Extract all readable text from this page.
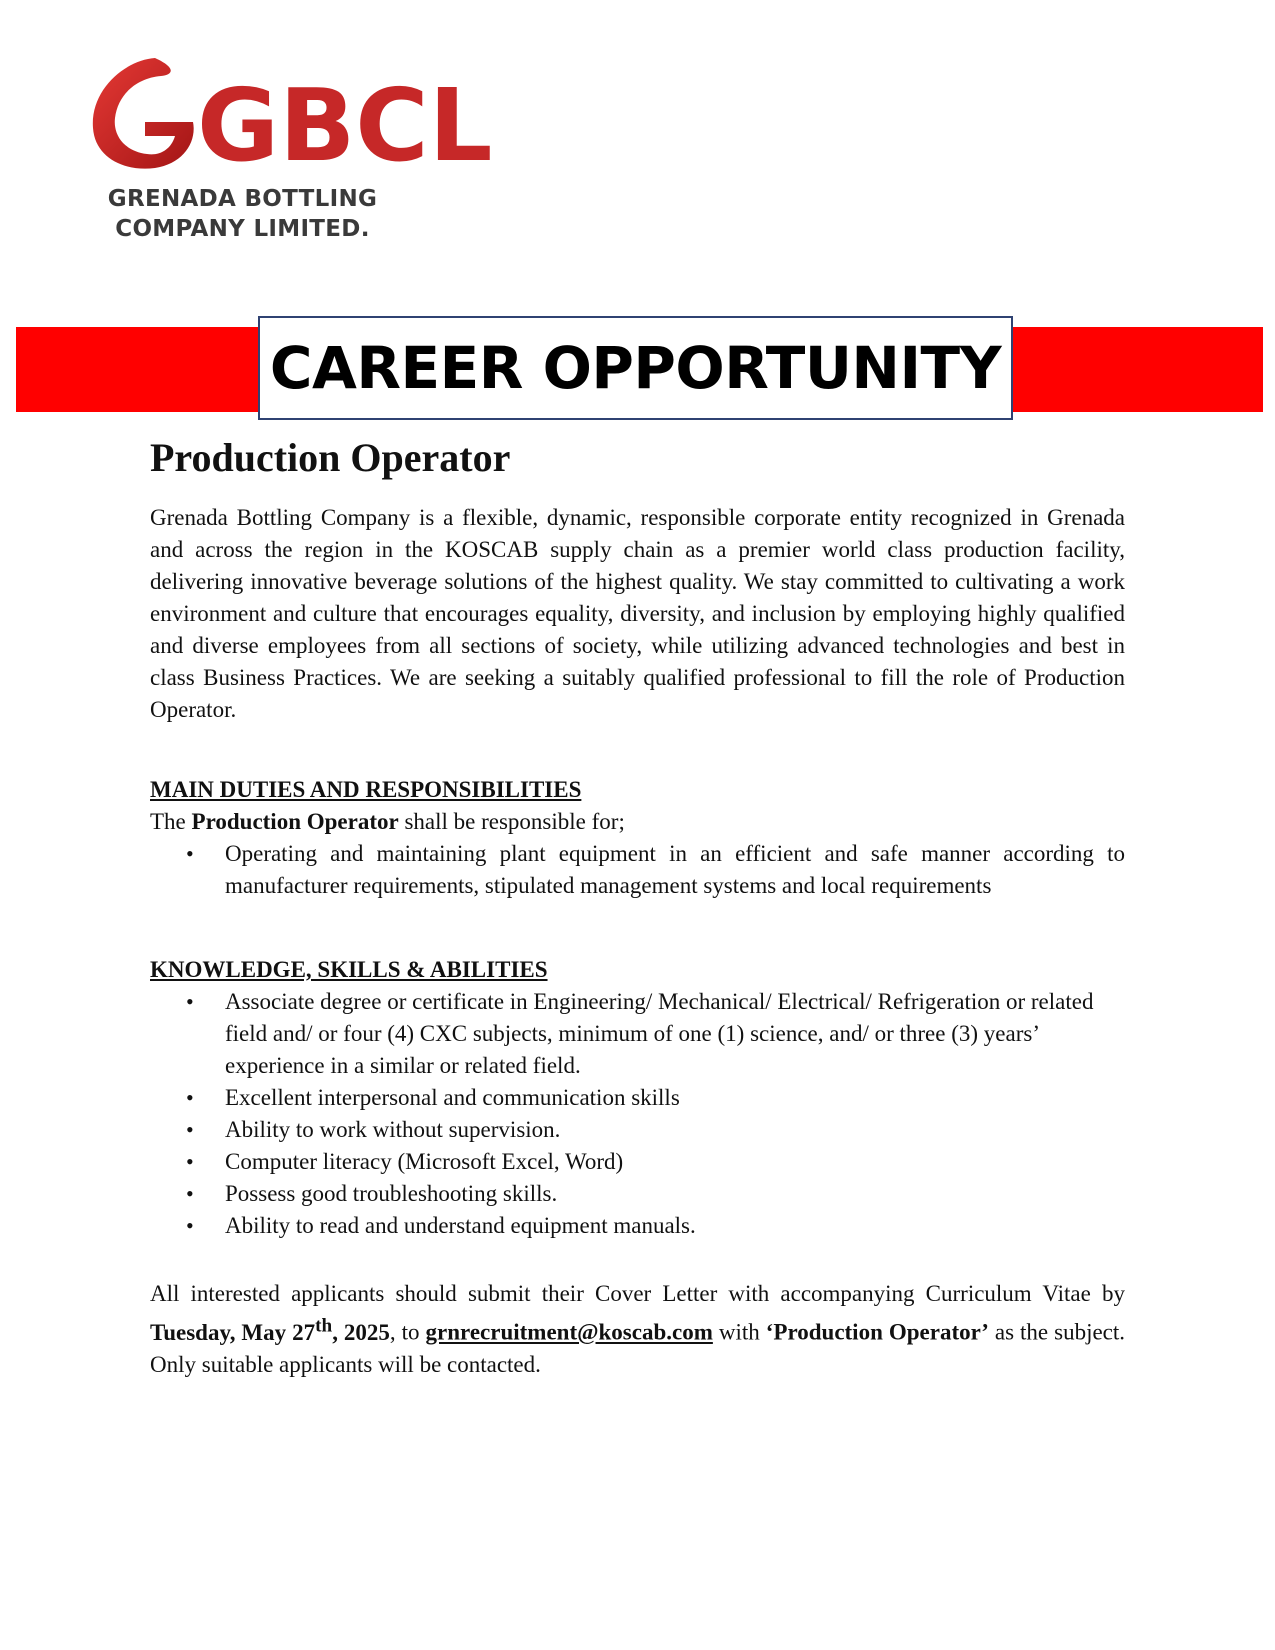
GBCL
GRENADA BOTTLING
COMPANY LIMITED.
CAREER OPPORTUNITY
Production Operator

Grenada Bottling Company is a flexible, dynamic, responsible corporate entity recognized in Grenada and across the region in the KOSCAB supply chain as a premier world class production facility, delivering innovative beverage solutions of the highest quality. We stay committed to cultivating a work environment and culture that encourages equality, diversity, and inclusion by employing highly qualified and diverse employees from all sections of society, while utilizing advanced technologies and best in class Business Practices. We are seeking a suitably qualified professional to fill the role of Production Operator.

MAIN DUTIES AND RESPONSIBILITIES

The Production Operator shall be responsible for;

• Operating and maintaining plant equipment in an efficient and safe manner according to manufacturer requirements, stipulated management systems and local requirements
KNOWLEDGE, SKILLS & ABILITIES
• Associate degree or certificate in Engineering/ Mechanical/ Electrical/ Refrigeration or related field and/ or four (4) CXC subjects, minimum of one (1) science, and/ or three (3) years’ experience in a similar or related field.
• Excellent interpersonal and communication skills
• Ability to work without supervision.
• Computer literacy (Microsoft Excel, Word)
• Possess good troubleshooting skills.
• Ability to read and understand equipment manuals.

All interested applicants should submit their Cover Letter with accompanying Curriculum Vitae by Tuesday, May 27th, 2025, to grnrecruitment@koscab.com with ‘Production Operator’ as the subject. Only suitable applicants will be contacted.
